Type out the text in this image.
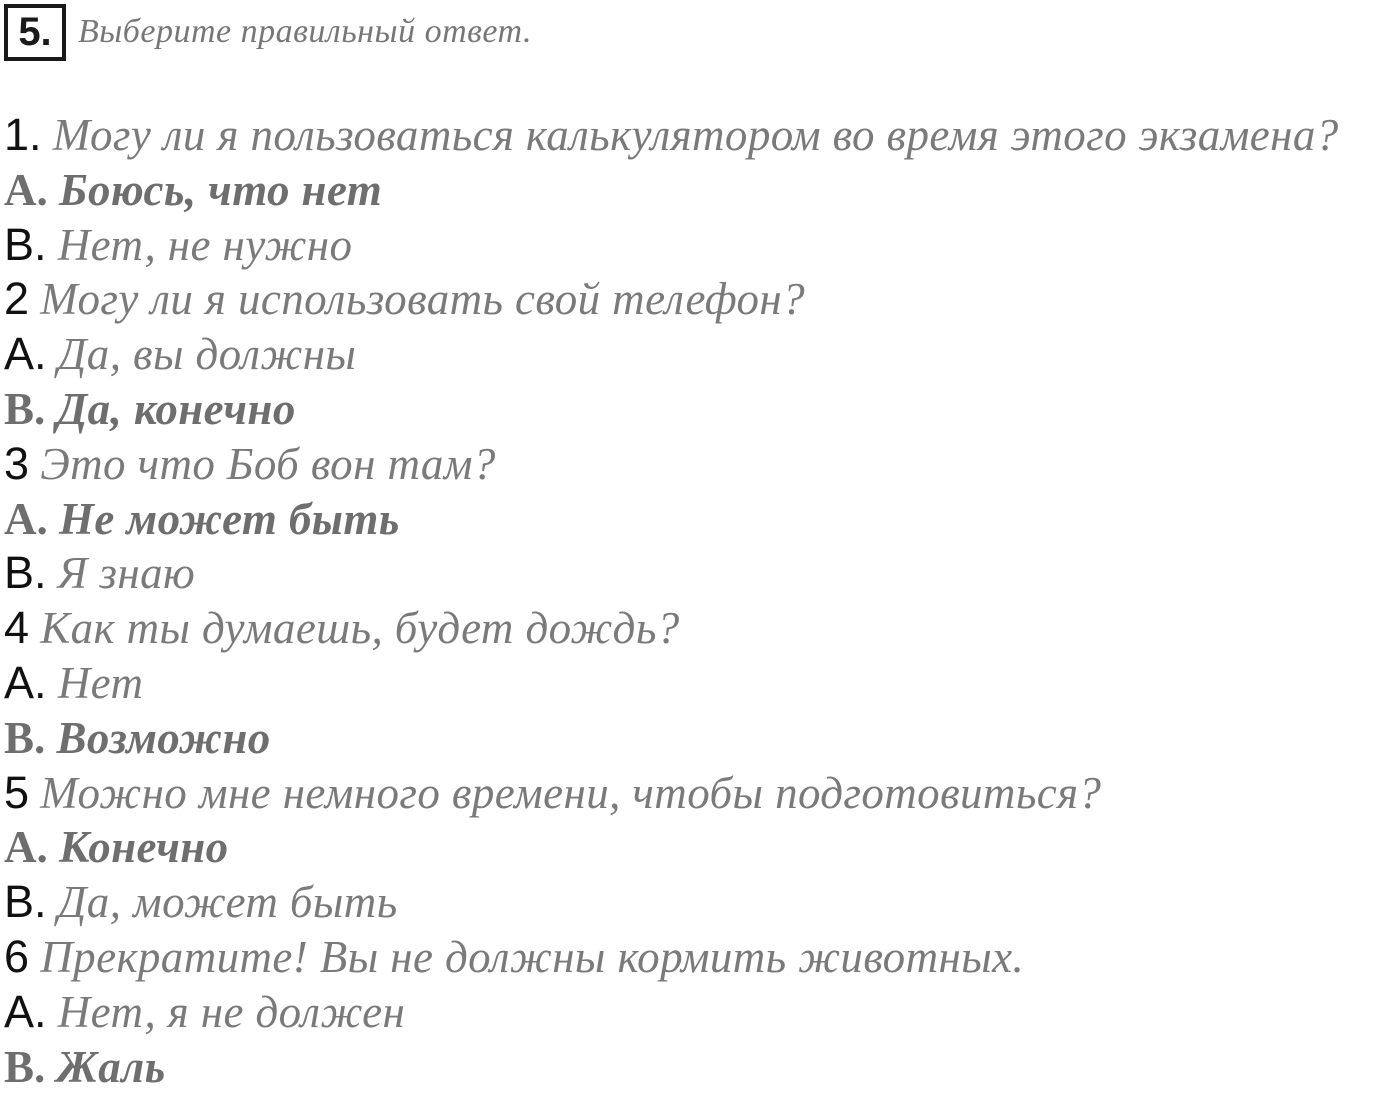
5. Выберите правильный ответ.
1. Могу ли я пользоваться калькулятором во время этого экзамена?
A. Боюсь, что нет
B. Нет, не нужно
2 Могу ли я использовать свой телефон?
A. Да, вы должны
B. Да, конечно
3 Это что Боб вон там?
A. Не может быть
B. Я знаю
4 Как ты думаешь, будет дождь?
A. Нет
B. Возможно
5 Можно мне немного времени, чтобы подготовиться?
A. Конечно
B. Да, может быть
6 Прекратите! Вы не должны кормить животных.
A. Нет, я не должен
B. Жаль
